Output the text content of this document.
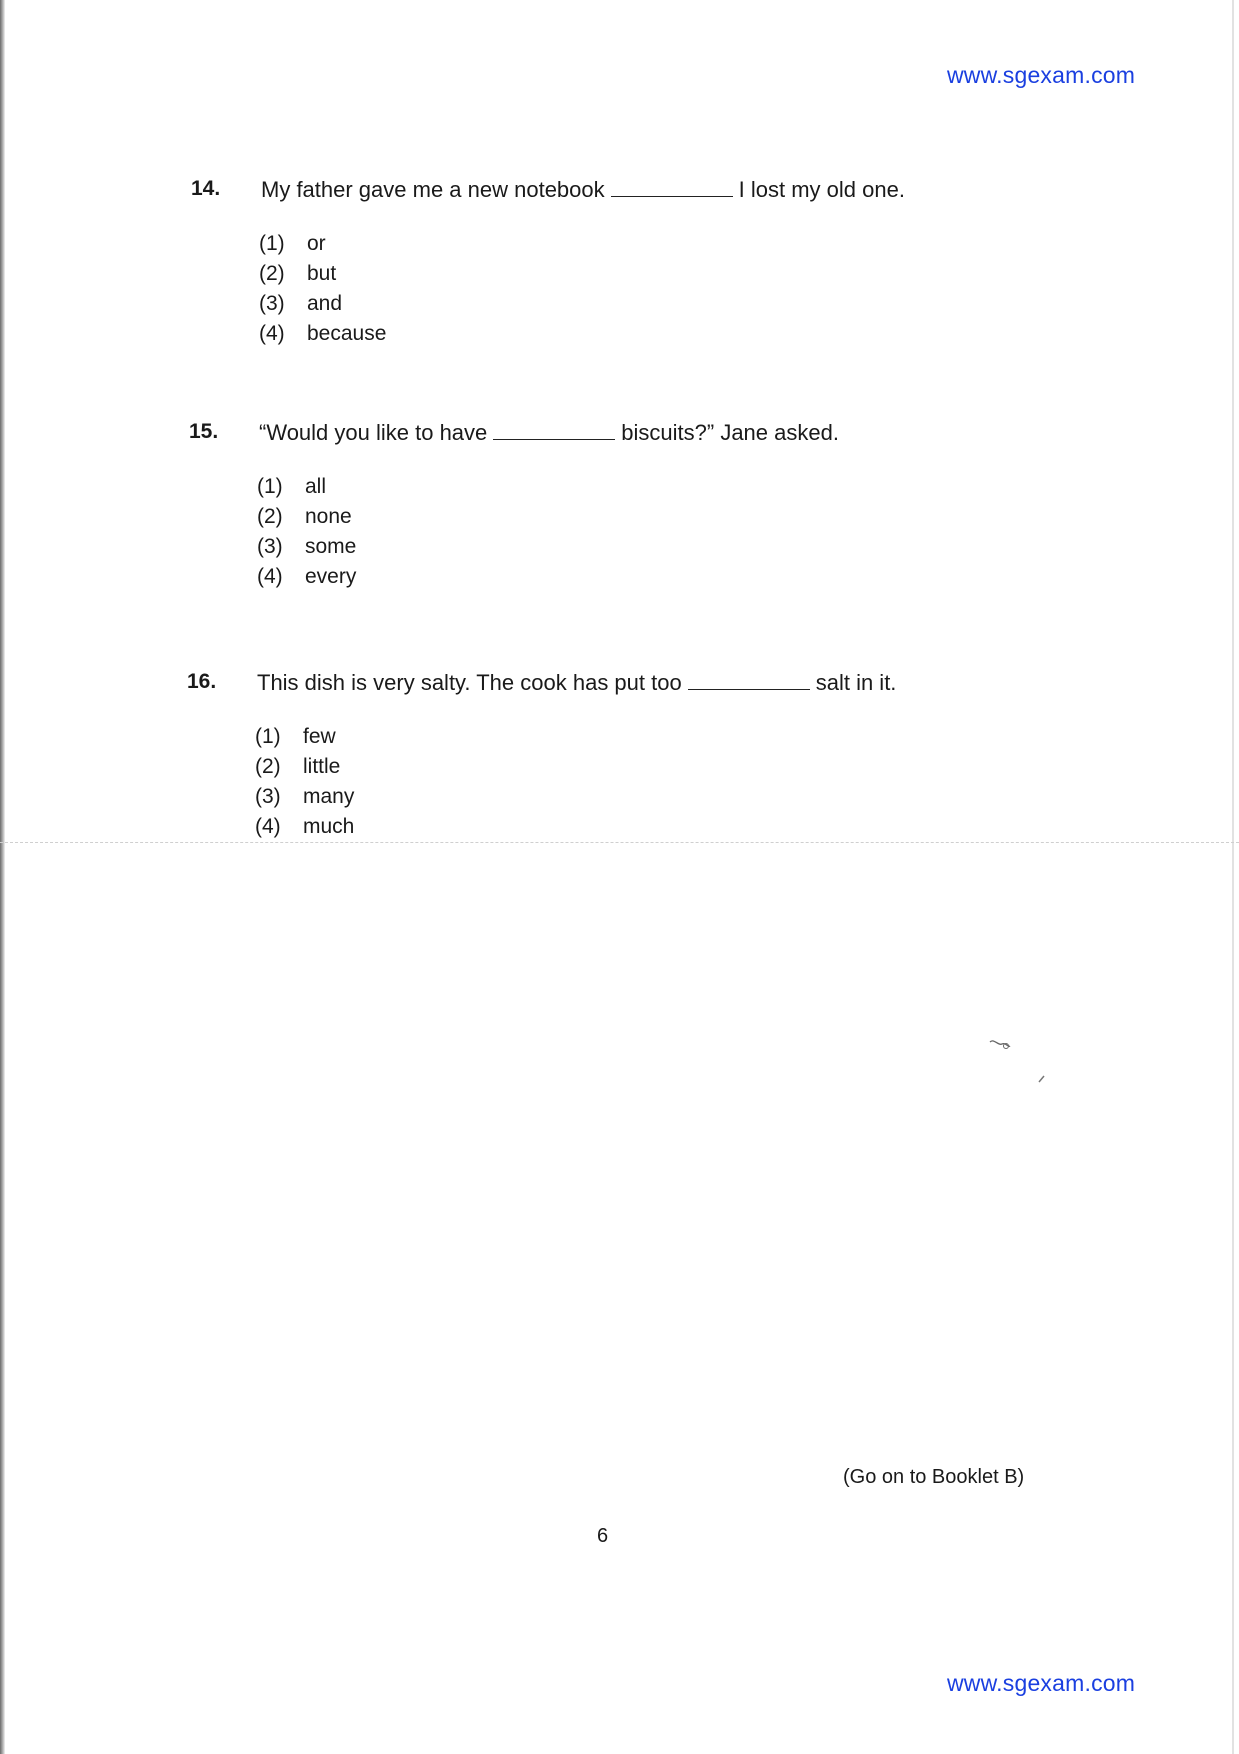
www.sgexam.com
14. My father gave me a new notebook	I lost my old one.
(1) or
(2) but
(3) and
(4) because
15. “Would you like to have	biscuits?” Jane asked.
(1) all
(2) none
(3) some
(4) every
16. This dish is very salty. The cook has put too	salt in it.
(1) few
(2) little
(3) many
(4) much
(Go on to Booklet B)
6
www.sgexam.com
